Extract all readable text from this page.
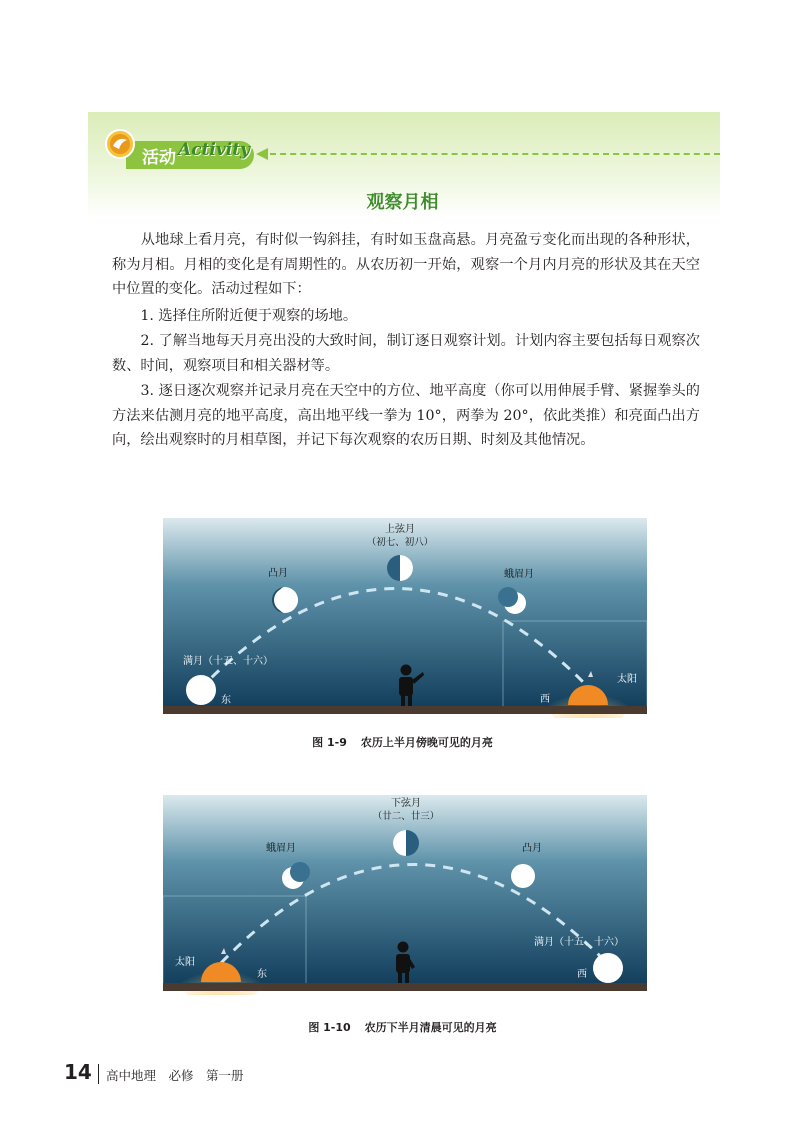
活动 Activity
观察月相

　　从地球上看月亮，有时似一钩斜挂，有时如玉盘高悬。月亮盈亏变化而出现的各种形状，称为月相。月相的变化是有周期性的。从农历初一开始，观察一个月内月亮的形状及其在天空中位置的变化。活动过程如下：

　　1. 选择住所附近便于观察的场地。

　　2. 了解当地每天月亮出没的大致时间，制订逐日观察计划。计划内容主要包括每日观察次数、时间，观察项目和相关器材等。

　　3. 逐日逐次观察并记录月亮在天空中的方位、地平高度（你可以用伸展手臂、紧握拳头的方法来估测月亮的地平高度，高出地平线一拳为 10°，两拳为 20°，依此类推）和亮面凸出方向，绘出观察时的月相草图，并记下每次观察的农历日期、时刻及其他情况。

上弦月
（初七、初八）
凸月	蛾眉月
满月（十五、十六）
太阳
东	西
图 1-9 农历上半月傍晚可见的月亮
下弦月
（廿二、廿三）
蛾眉月	凸月
满月（十五、十六）
太阳
东	西
图 1-10 农历下半月清晨可见的月亮
14 高中地理　必修　第一册
